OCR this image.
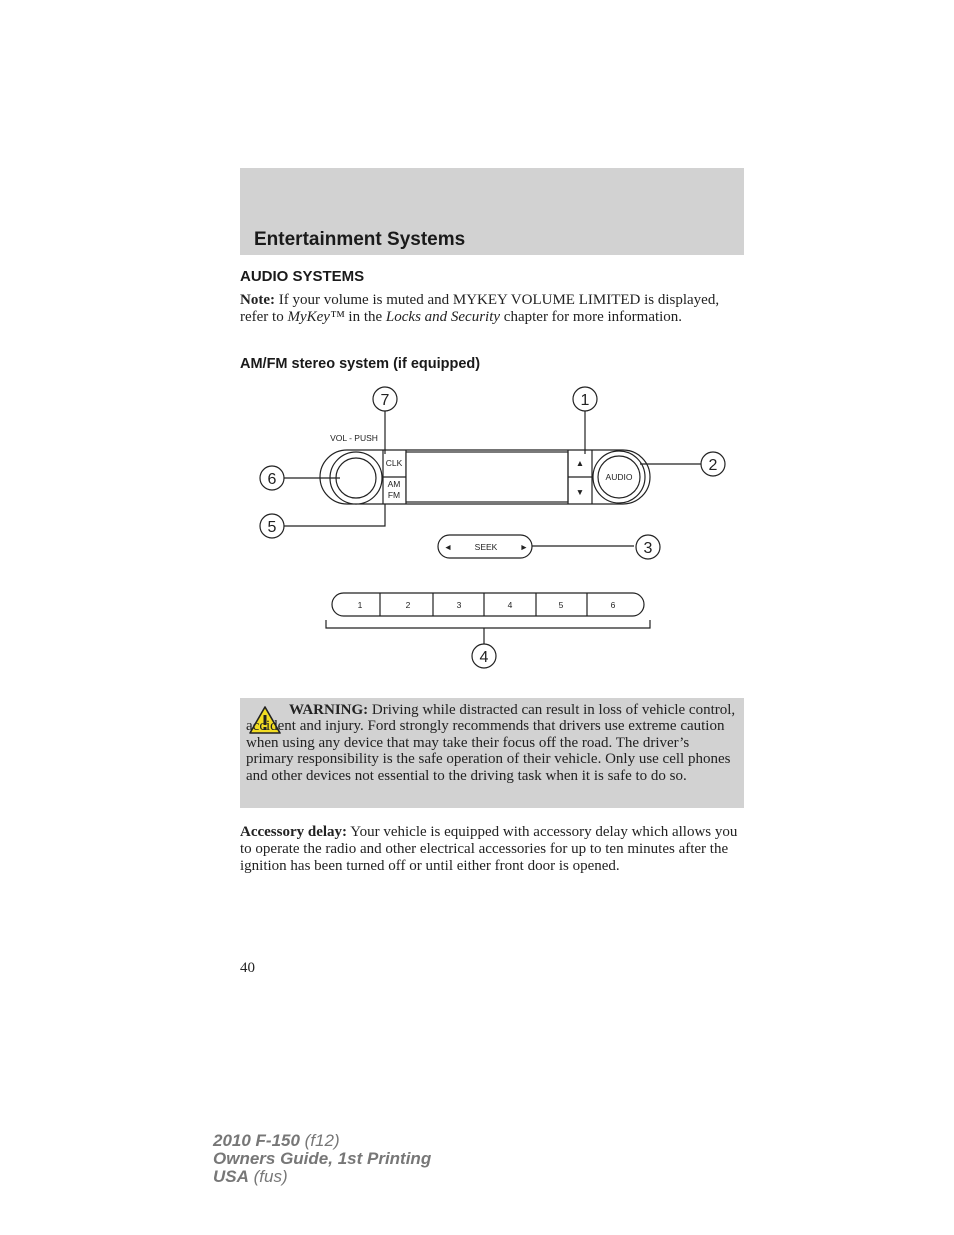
Entertainment Systems
AUDIO SYSTEMS
Note: If your volume is muted and MYKEY VOLUME LIMITED is displayed, refer to MyKey™ in the Locks and Security chapter for more information.
AM/FM stereo system (if equipped)
7	1
2
6
5
3
4
VOL - PUSH
CLK
AM
FM
▲
▼
AUDIO
SEEK
◄	►
1	2	3	4	5	6
WARNING: Driving while distracted can result in loss of vehicle control, accident and injury. Ford strongly recommends that drivers use extreme caution when using any device that may take their focus off the road. The driver’s primary responsibility is the safe operation of their vehicle. Only use cell phones and other devices not essential to the driving task when it is safe to do so.
Accessory delay: Your vehicle is equipped with accessory delay which allows you to operate the radio and other electrical accessories for up to ten minutes after the ignition has been turned off or until either front door is opened.
40
2010 F-150 (f12)
Owners Guide, 1st Printing
USA (fus)
